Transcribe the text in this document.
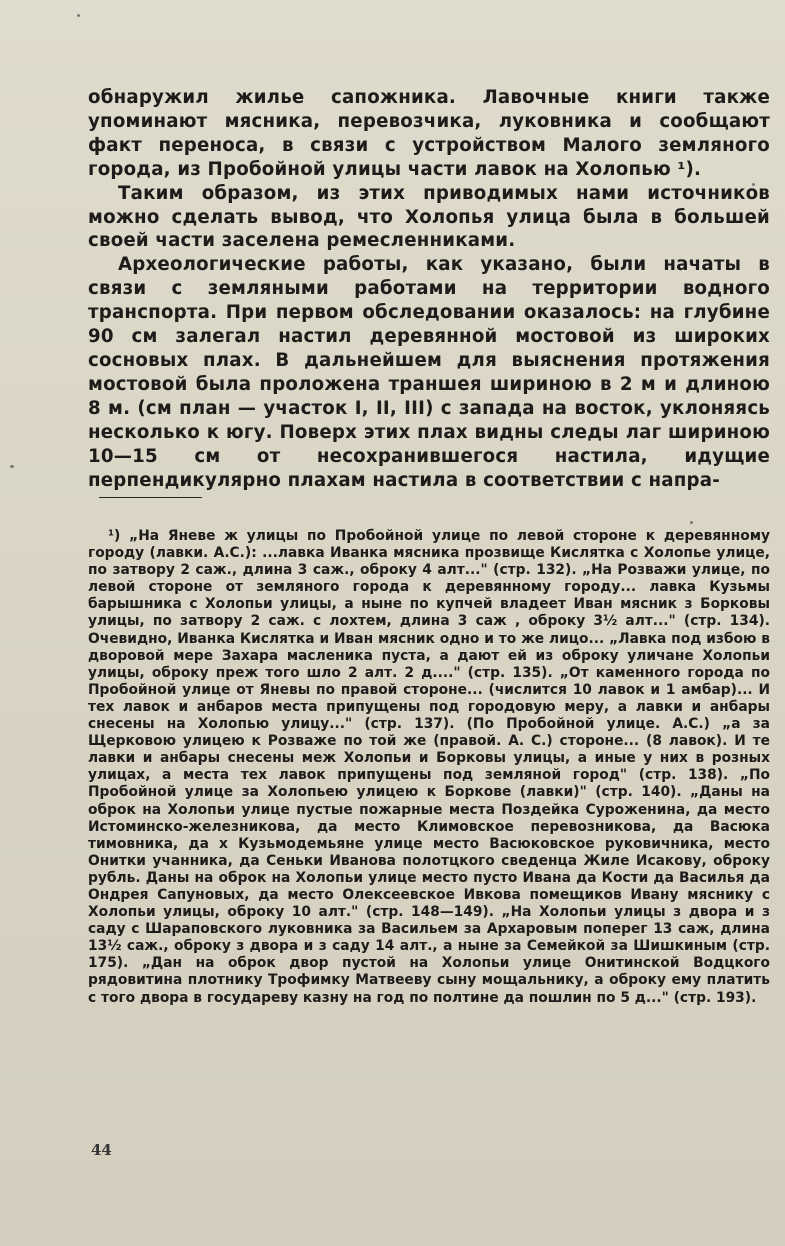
обнаружил жилье сапожника. Лавочные книги также упоминают мясника, перевозчика, луковника и сообщают факт переноса, в связи с устройством Малого земляного города, из Пробойной улицы части лавок на Холопью ¹).

Таким образом, из этих приводимых нами источников можно сделать вывод, что Холопья улица была в большей своей части заселена ремесленниками.

Археологические работы, как указано, были начаты в связи с земляными работами на территории водного транспорта. При первом обследовании оказалось: на глубине 90 см залегал настил деревянной мостовой из широких сосновых плах. В дальнейшем для выяснения протяжения мостовой была проложена траншея шириною в 2 м и длиною 8 м. (см план — участок I, II, III) с запада на восток, уклоняясь несколько к югу. Поверх этих плах видны следы лаг шириною 10—15 см от несохранившегося настила, идущие перпендикулярно плахам настила в соответствии с напра-

¹) „На Яневе ж улицы по Пробойной улице по левой стороне к деревянному городу (лавки. А.С.): ...лавка Иванка мясника прозвище Кислятка с Холопье улице, по затвору 2 саж., длина 3 саж., оброку 4 алт..." (стр. 132). „На Розважи улице, по левой стороне от земляного города к деревянному городу... лавка Кузьмы барышника с Холопьи улицы, а ныне по купчей владеет Иван мясник з Борковы улицы, по затвору 2 саж. с лохтем, длина 3 саж , оброку 3½ алт..." (стр. 134). Очевидно, Иванка Кислятка и Иван мясник одно и то же лицо... „Лавка под избою в дворовой мере Захара масленика пуста, а дают ей из оброку уличане Холопьи улицы, оброку преж того шло 2 алт. 2 д...." (стр. 135). „От каменного города по Пробойной улице от Яневы по правой стороне... (числится 10 лавок и 1 амбар)... И тех лавок и анбаров места припущены под городовую меру, а лавки и анбары снесены на Холопью улицу..." (стр. 137). (По Пробойной улице. А.С.) „а за Щерковою улицею к Розваже по той же (правой. А. С.) стороне... (8 лавок). И те лавки и анбары снесены меж Холопьи и Борковы улицы, а иные у них в розных улицах, а места тех лавок припущены под земляной город" (стр. 138). „По Пробойной улице за Холопьею улицею к Боркове (лавки)" (стр. 140). „Даны на оброк на Холопьи улице пустые пожарные места Поздейка Суроженина, да место Истоминско-железникова, да место Климовское перевозникова, да Васюка тимовника, да х Кузьмодемьяне улице место Васюковское руковичника, место Онитки учанника, да Сеньки Иванова полотцкого сведенца Жиле Исакову, оброку рубль. Даны на оброк на Холопьи улице место пусто Ивана да Кости да Василья да Ондрея Сапуновых, да место Олексеевское Ивкова помещиков Ивану мяснику с Холопьи улицы, оброку 10 алт." (стр. 148—149). „На Холопьи улицы з двора и з саду с Шараповского луковника за Васильем за Архаровым поперег 13 саж, длина 13½ саж., оброку з двора и з саду 14 алт., а ныне за Семейкой за Шишкиным (стр. 175). „Дан на оброк двор пустой на Холопьи улице Онитинской Водцкого рядовитина плотнику Трофимку Матвееву сыну мощальнику, а оброку ему платить с того двора в государеву казну на год по полтине да пошлин по 5 д..." (стр. 193).

44
